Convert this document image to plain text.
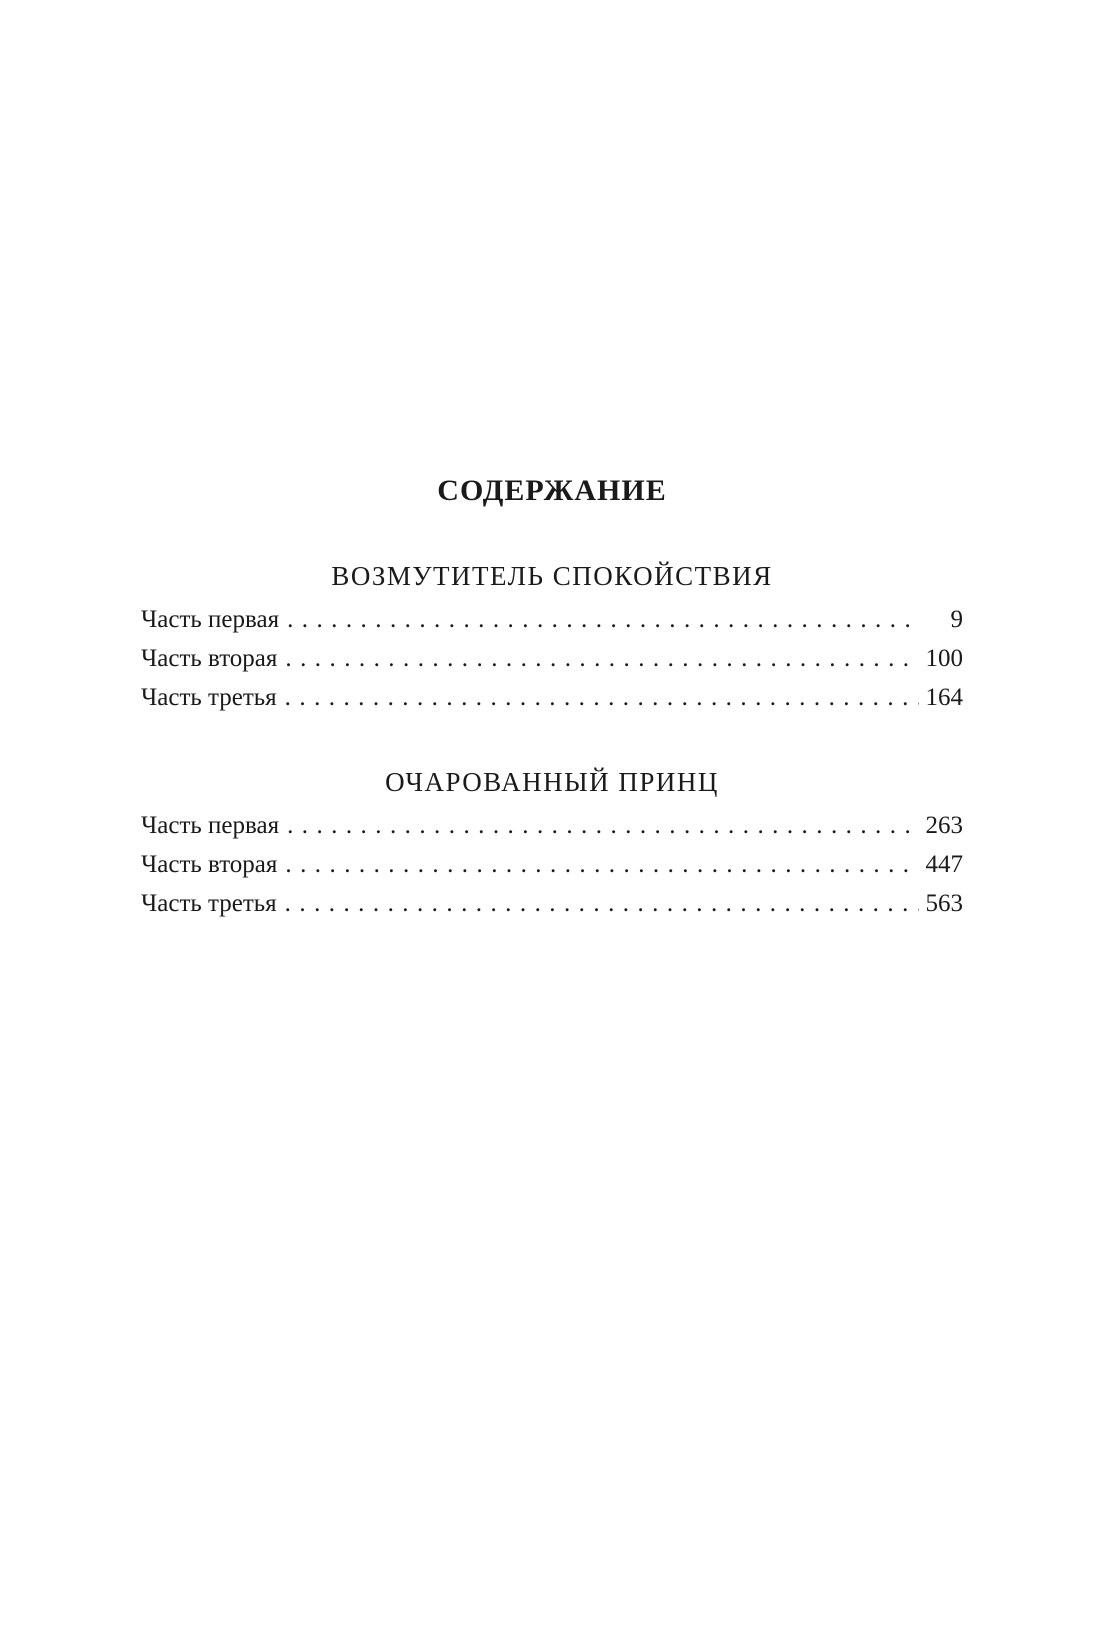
СОДЕРЖАНИЕ
ВОЗМУТИТЕЛЬ СПОКОЙСТВИЯ
Часть первая . . .	9
Часть вторая . . .	100
Часть третья . . .	164
ОЧАРОВАННЫЙ ПРИНЦ
Часть первая . . .	263
Часть вторая . . .	447
Часть третья . . .	563
